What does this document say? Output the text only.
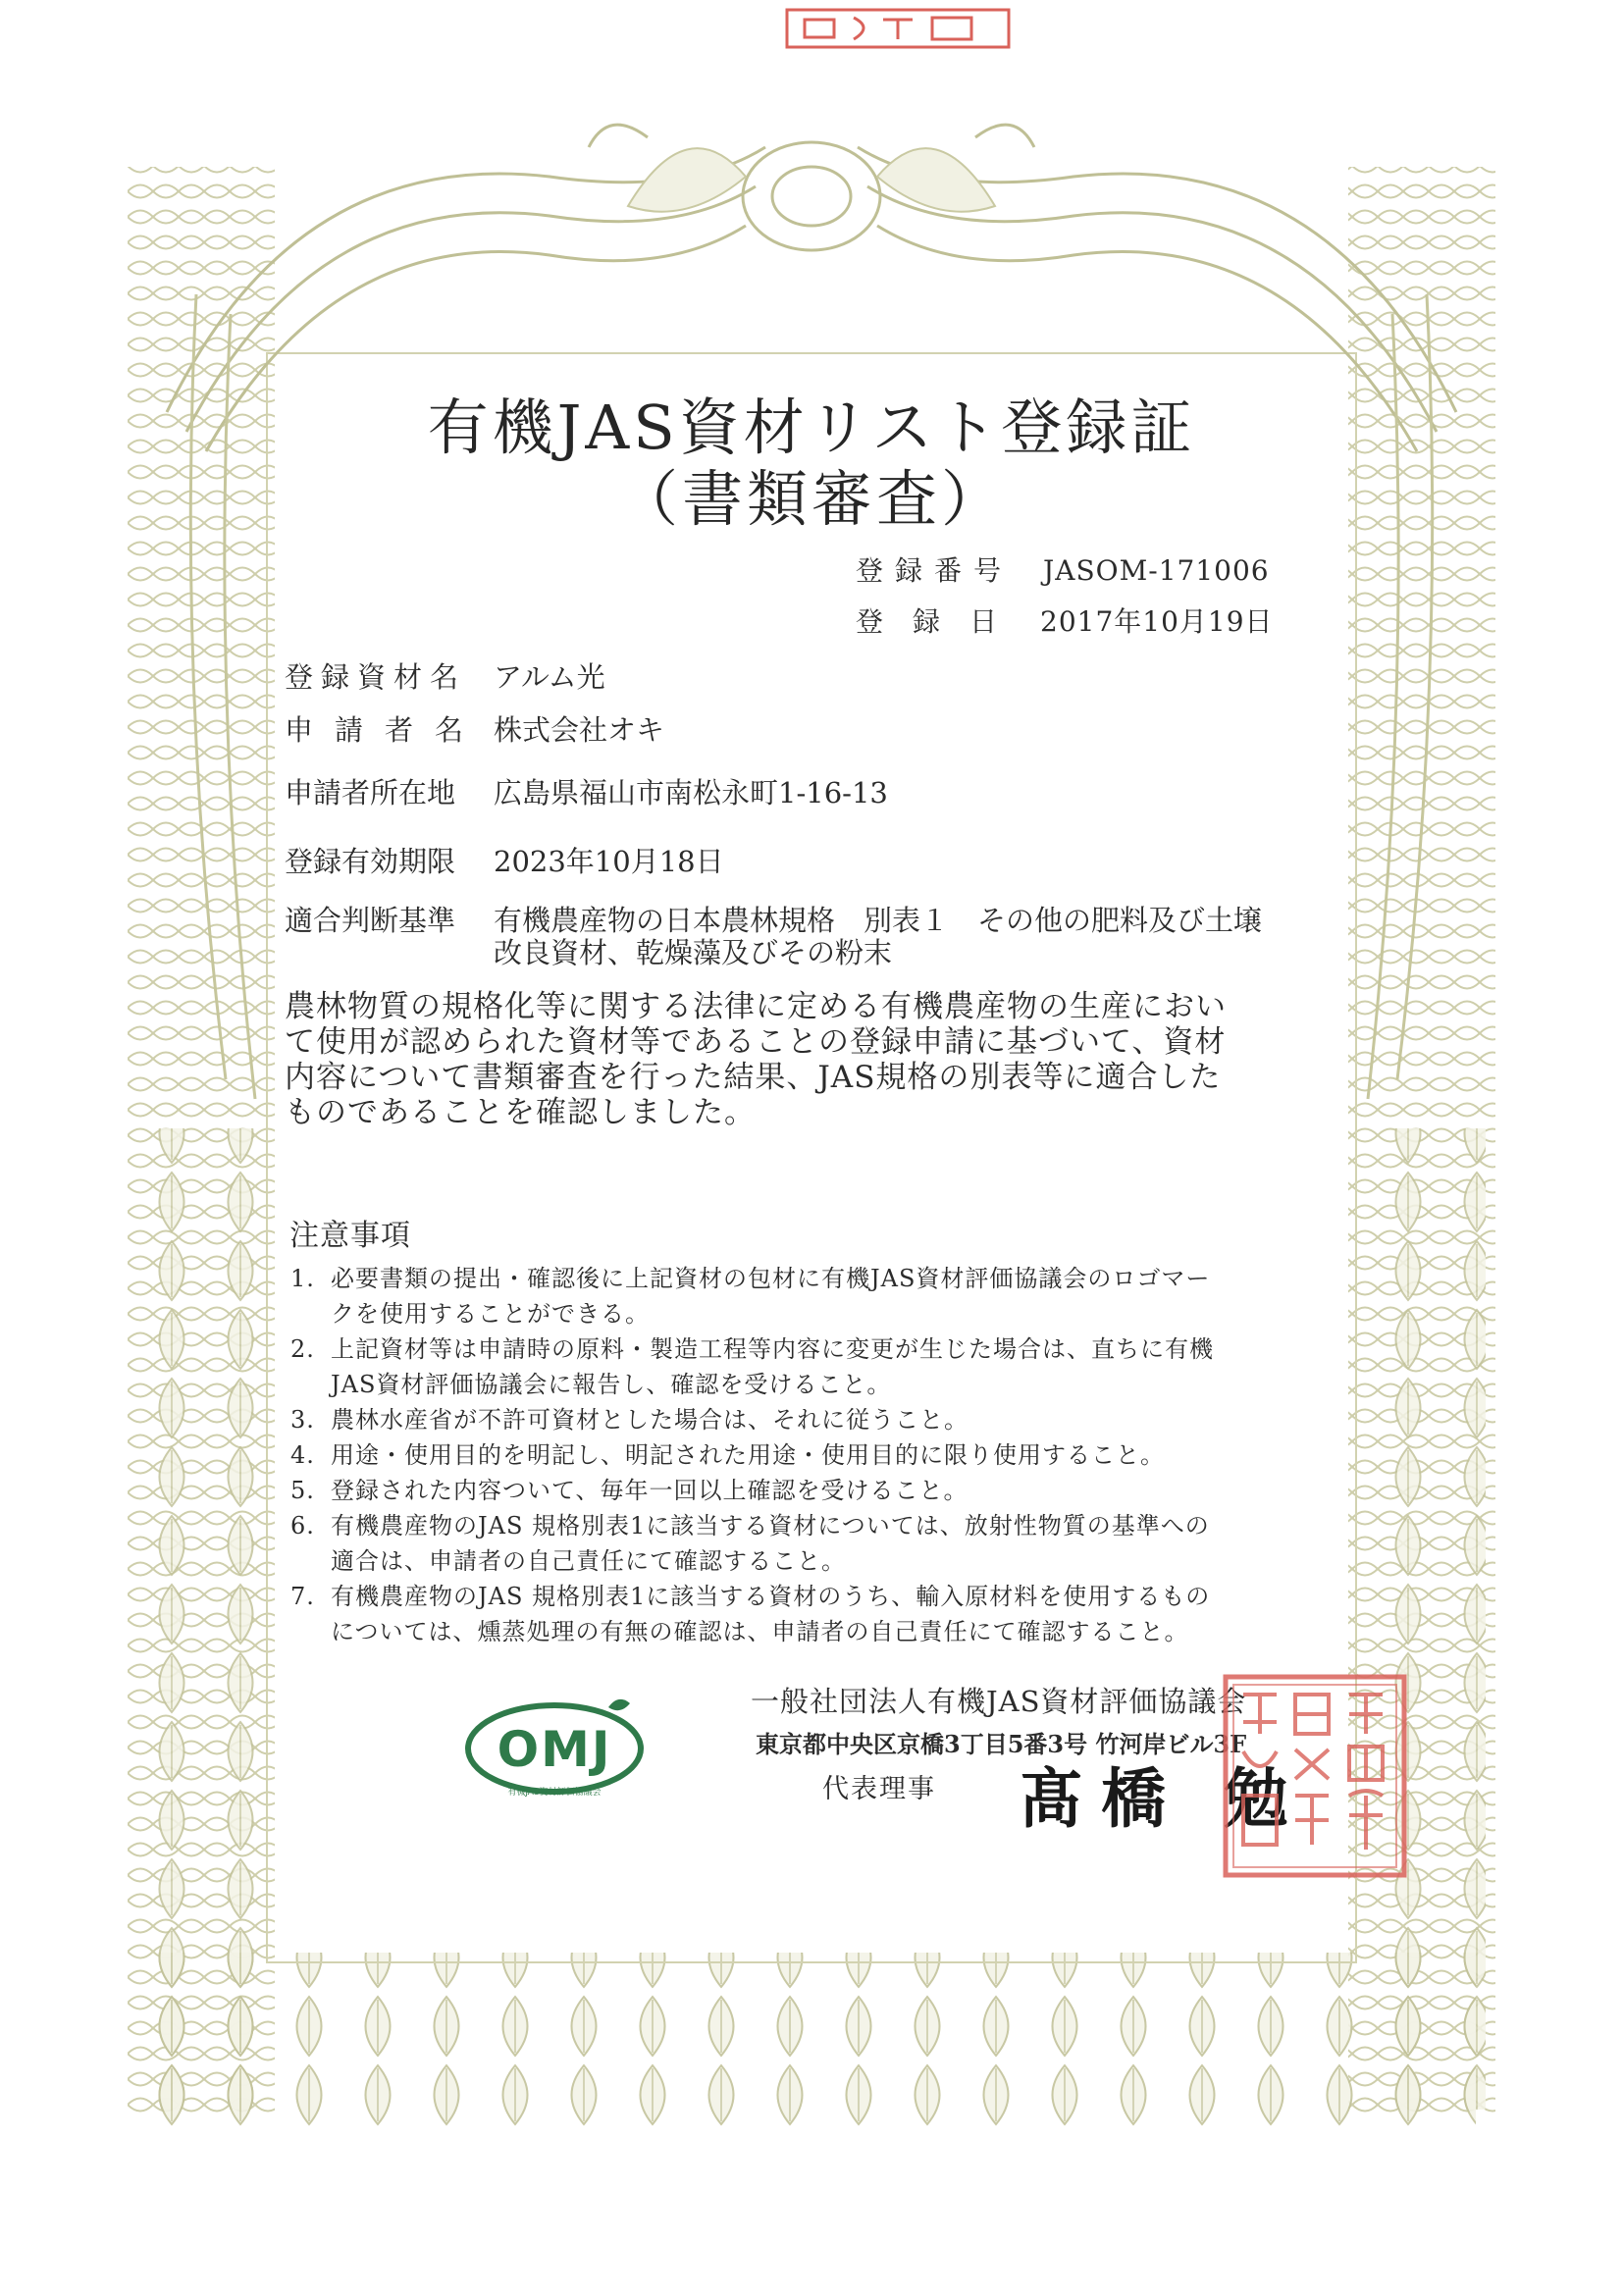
有機JAS資材リスト登録証
（書類審査）
登録番号 JASOM-171006
登録日 2017年10月19日
登録資材名 アルム光
申請者名 株式会社オキ
申請者所在地 広島県福山市南松永町1-16-13
登録有効期限 2023年10月18日
適合判断基準 有機農産物の日本農林規格　別表１　その他の肥料及び土壌
改良資材、乾燥藻及びその粉末
農林物質の規格化等に関する法律に定める有機農産物の生産におい
て使用が認められた資材等であることの登録申請に基づいて、資材
内容について書類審査を行った結果、JAS規格の別表等に適合した
ものであることを確認しました。
注意事項
1. 必要書類の提出・確認後に上記資材の包材に有機JAS資材評価協議会のロゴマー
クを使用することができる。
2. 上記資材等は申請時の原料・製造工程等内容に変更が生じた場合は、直ちに有機
JAS資材評価協議会に報告し、確認を受けること。
3. 農林水産省が不許可資材とした場合は、それに従うこと。
4. 用途・使用目的を明記し、明記された用途・使用目的に限り使用すること。
5. 登録された内容ついて、毎年一回以上確認を受けること。
6. 有機農産物のJAS 規格別表1に該当する資材については、放射性物質の基準への
適合は、申請者の自己責任にて確認すること。
7. 有機農産物のJAS 規格別表1に該当する資材のうち、輸入原材料を使用するもの
については、燻蒸処理の有無の確認は、申請者の自己責任にて確認すること。
OMJ
有機JAS資材評価協議会
一般社団法人有機JAS資材評価協議会
東京都中央区京橋3丁目5番3号 竹河岸ビル3F
代表理事 髙橋 勉
